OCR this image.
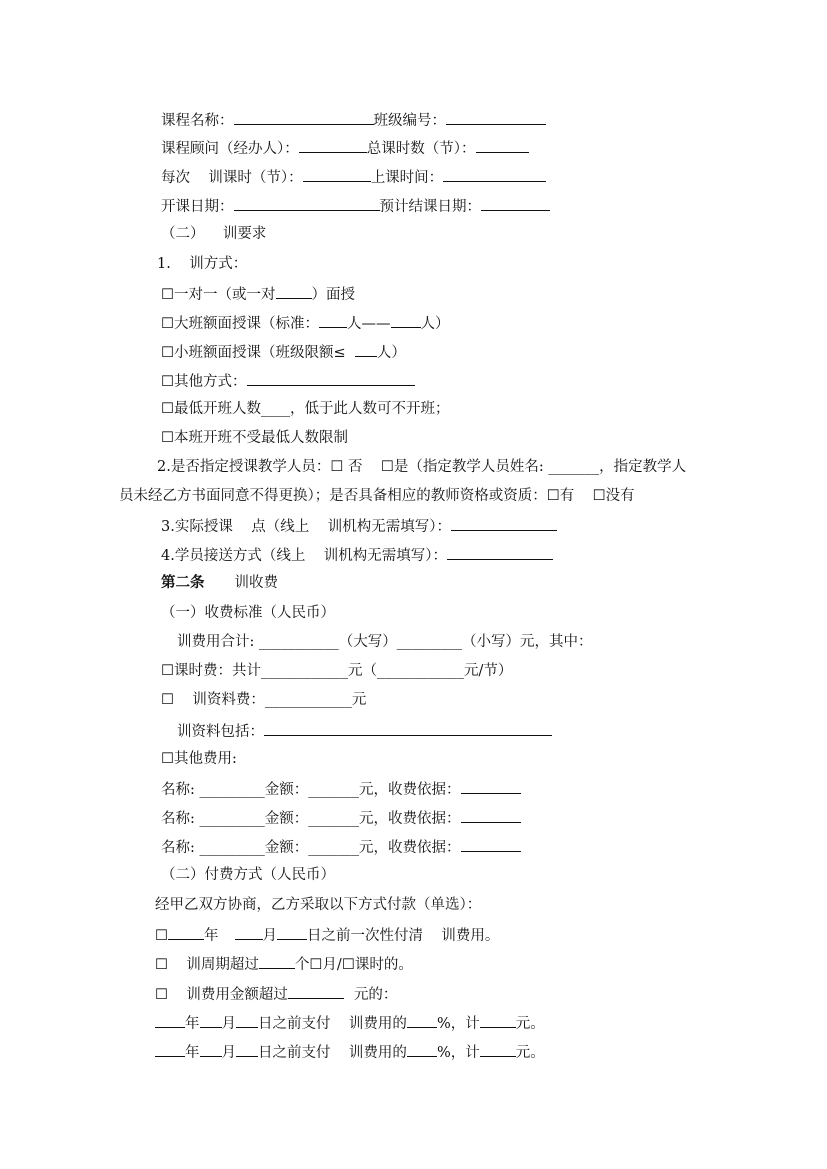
课程名称：	班级编号：
课程顾问（经办人）：	总课时数（节）：
每次    训课时（节）：	上课时间：
开课日期：	预计结课日期：
（二）    训要求
1.    训方式：
☐一对一（或一对 ）面授
☐大班额面授课（标准： 人—— 人）
☐小班额面授课（班级限额≤  人）
☐其他方式：
☐最低开班人数____，低于此人数可不开班；
☐本班开班不受最低人数限制
2.是否指定授课教学人员：☐ 否    ☐是（指定教学人员姓名: _______，指定教学人
员未经乙方书面同意不得更换）；是否具备相应的教师资格或资质：☐有    ☐没有
3.实际授课    点（线上    训机构无需填写）：
4.学员接送方式（线上    训机构无需填写）：
第二条 训收费
（一）收费标准（人民币）
训费用合计: ___________（大写）_________（小写）元，其中：
☐课时费：共计____________元（____________元/节）
☐    训资料费：____________元
训资料包括：
☐其他费用:
名称: _________金额：_______元，收费依据：
名称: _________金额：_______元，收费依据：
名称: _________金额：_______元，收费依据：
（二）付费方式（人民币）
经甲乙双方协商，乙方采取以下方式付款（单选）：
☐ 年	月 日之前一次性付清    训费用。
☐    训周期超过 个☐月/☐课时的。
☐    训费用金额超过	元的：
年 月 日之前支付    训费用的 %，计 元。
年 月 日之前支付    训费用的 %，计 元。
